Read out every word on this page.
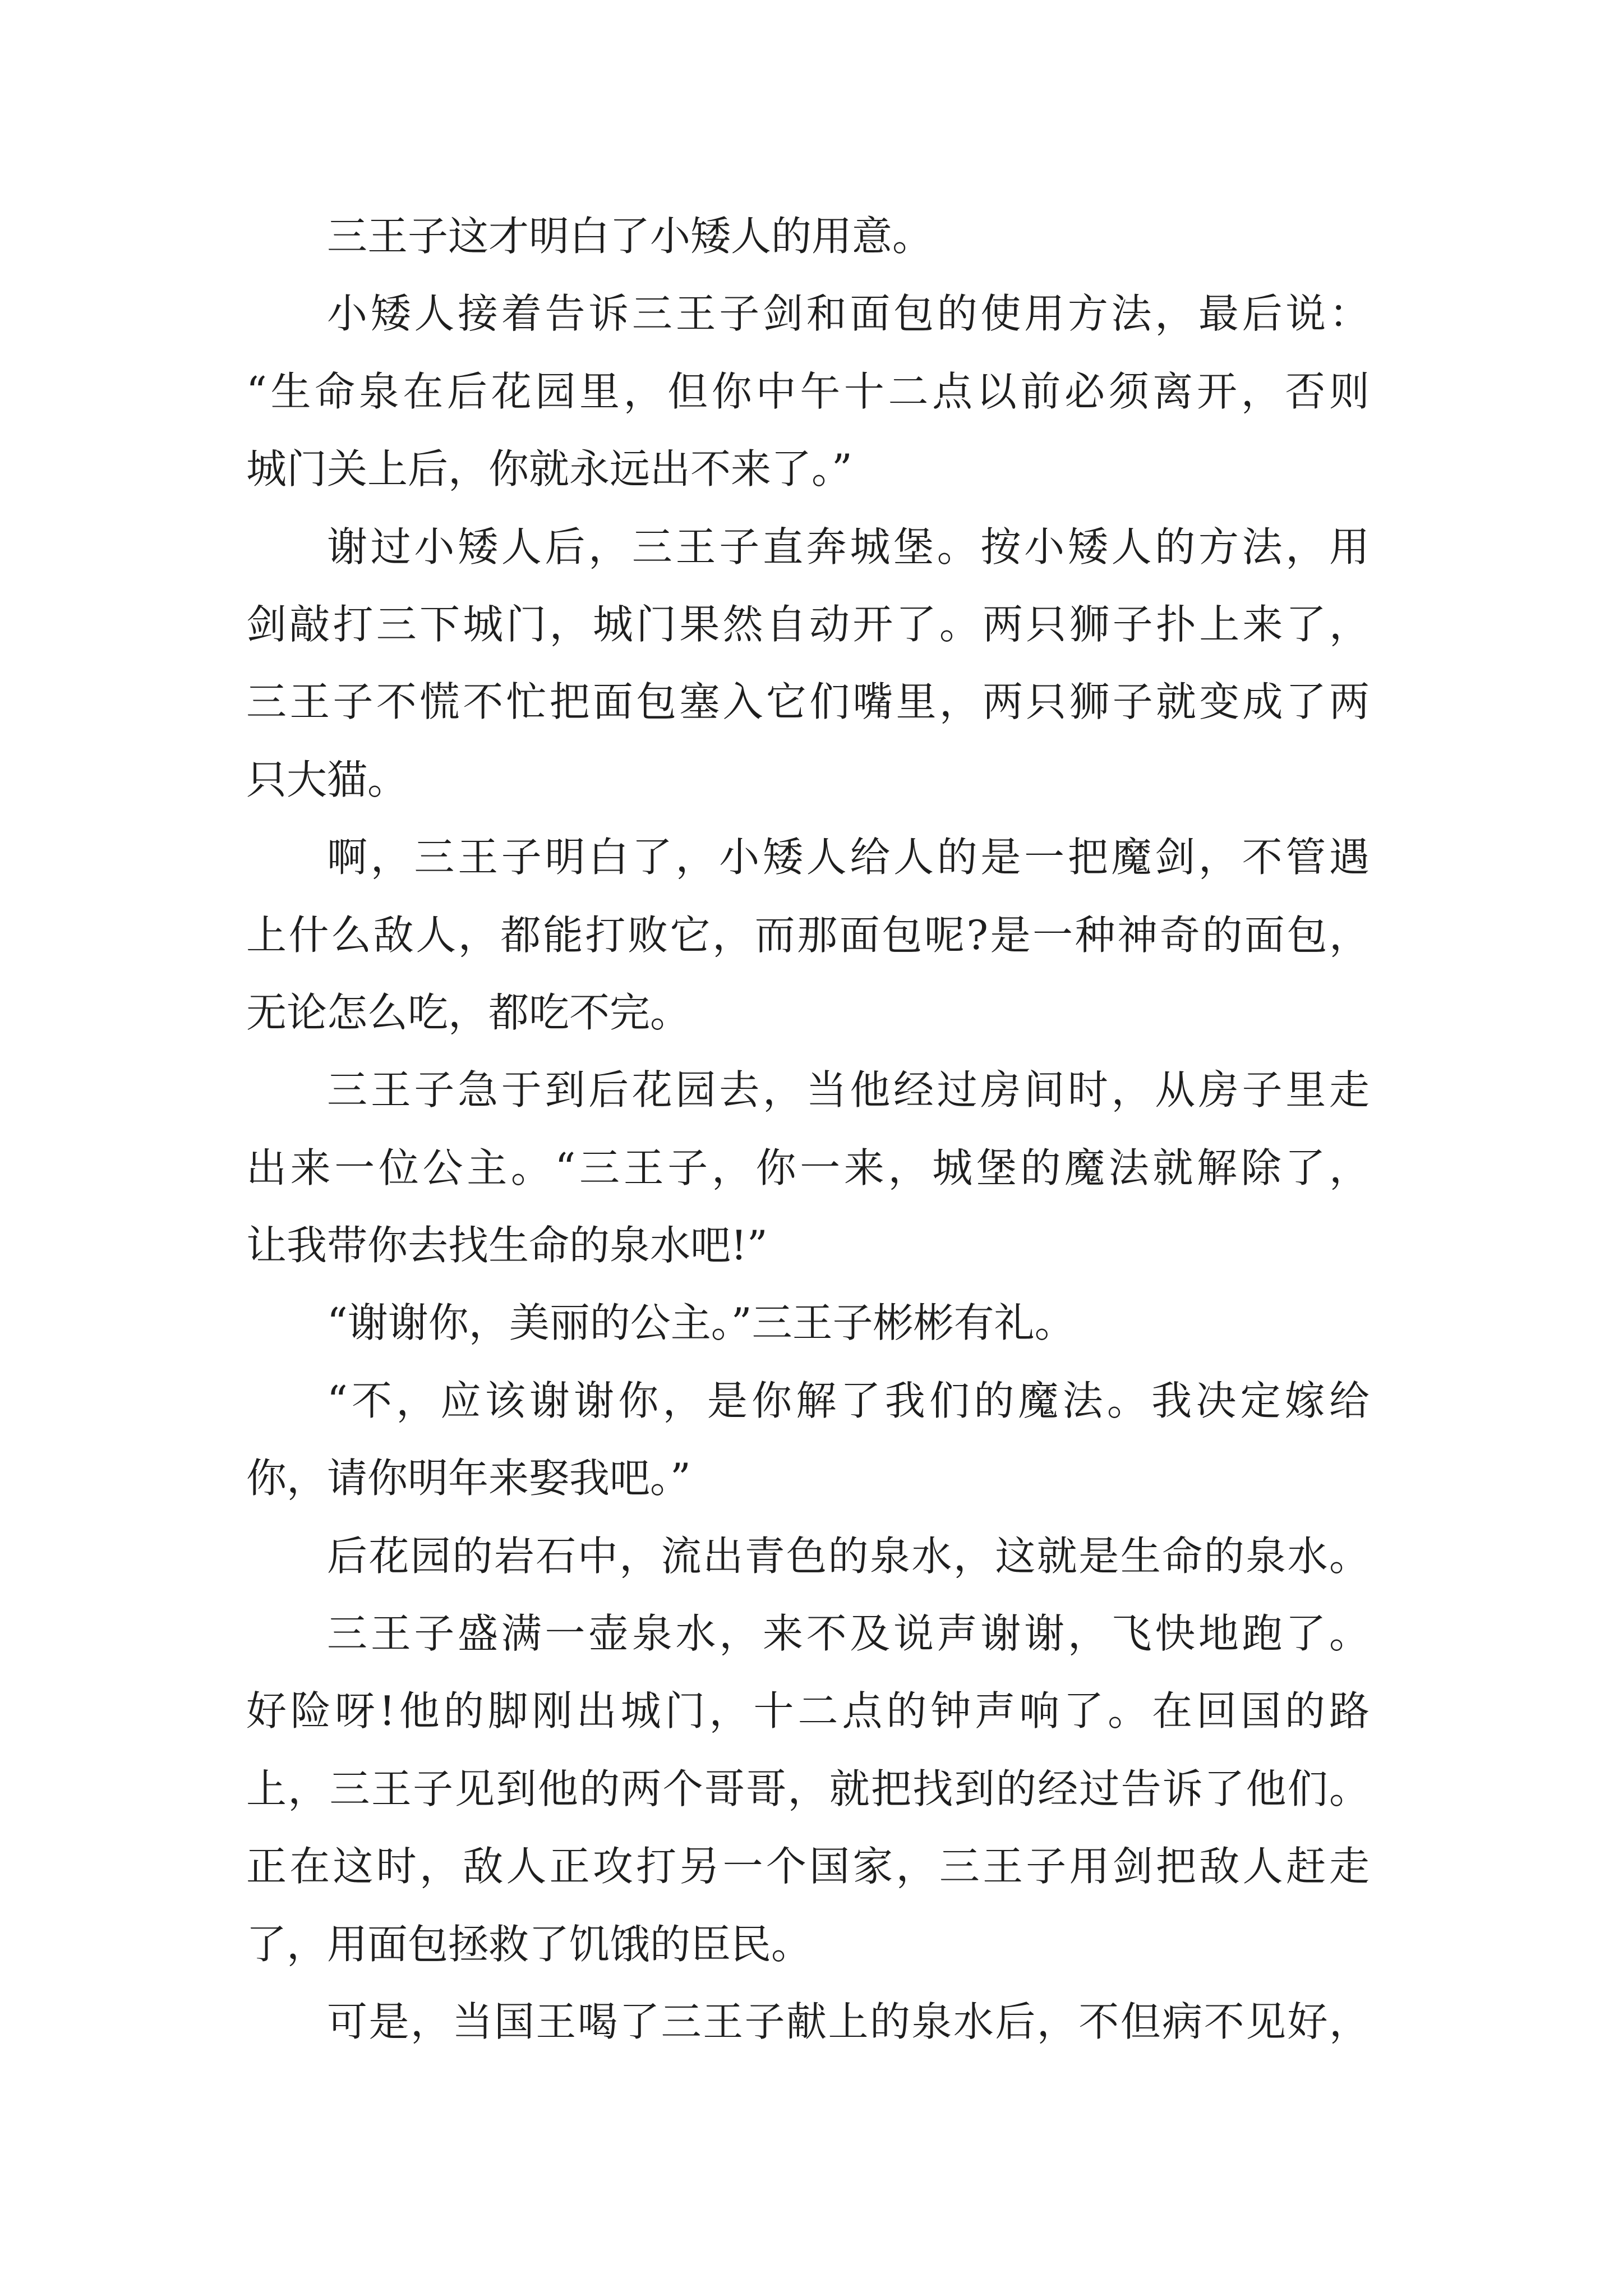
三王子这才明白了小矮人的用意。
小矮人接着告诉三王子剑和面包的使用方法，最后说：
“生命泉在后花园里，但你中午十二点以前必须离开，否则
城门关上后，你就永远出不来了。”
谢过小矮人后，三王子直奔城堡。按小矮人的方法，用
剑敲打三下城门，城门果然自动开了。两只狮子扑上来了，
三王子不慌不忙把面包塞入它们嘴里，两只狮子就变成了两
只大猫。
啊，三王子明白了，小矮人给人的是一把魔剑，不管遇
上什么敌人，都能打败它，而那面包呢?是一种神奇的面包，
无论怎么吃，都吃不完。
三王子急于到后花园去，当他经过房间时，从房子里走
出来一位公主。“三王子，你一来，城堡的魔法就解除了，
让我带你去找生命的泉水吧!”
“谢谢你，美丽的公主。”三王子彬彬有礼。
“不，应该谢谢你，是你解了我们的魔法。我决定嫁给
你，请你明年来娶我吧。”
后花园的岩石中，流出青色的泉水，这就是生命的泉水。
三王子盛满一壶泉水，来不及说声谢谢，飞快地跑了。
好险呀!他的脚刚出城门，十二点的钟声响了。在回国的路
上，三王子见到他的两个哥哥，就把找到的经过告诉了他们。
正在这时，敌人正攻打另一个国家，三王子用剑把敌人赶走
了，用面包拯救了饥饿的臣民。
可是，当国王喝了三王子献上的泉水后，不但病不见好，
